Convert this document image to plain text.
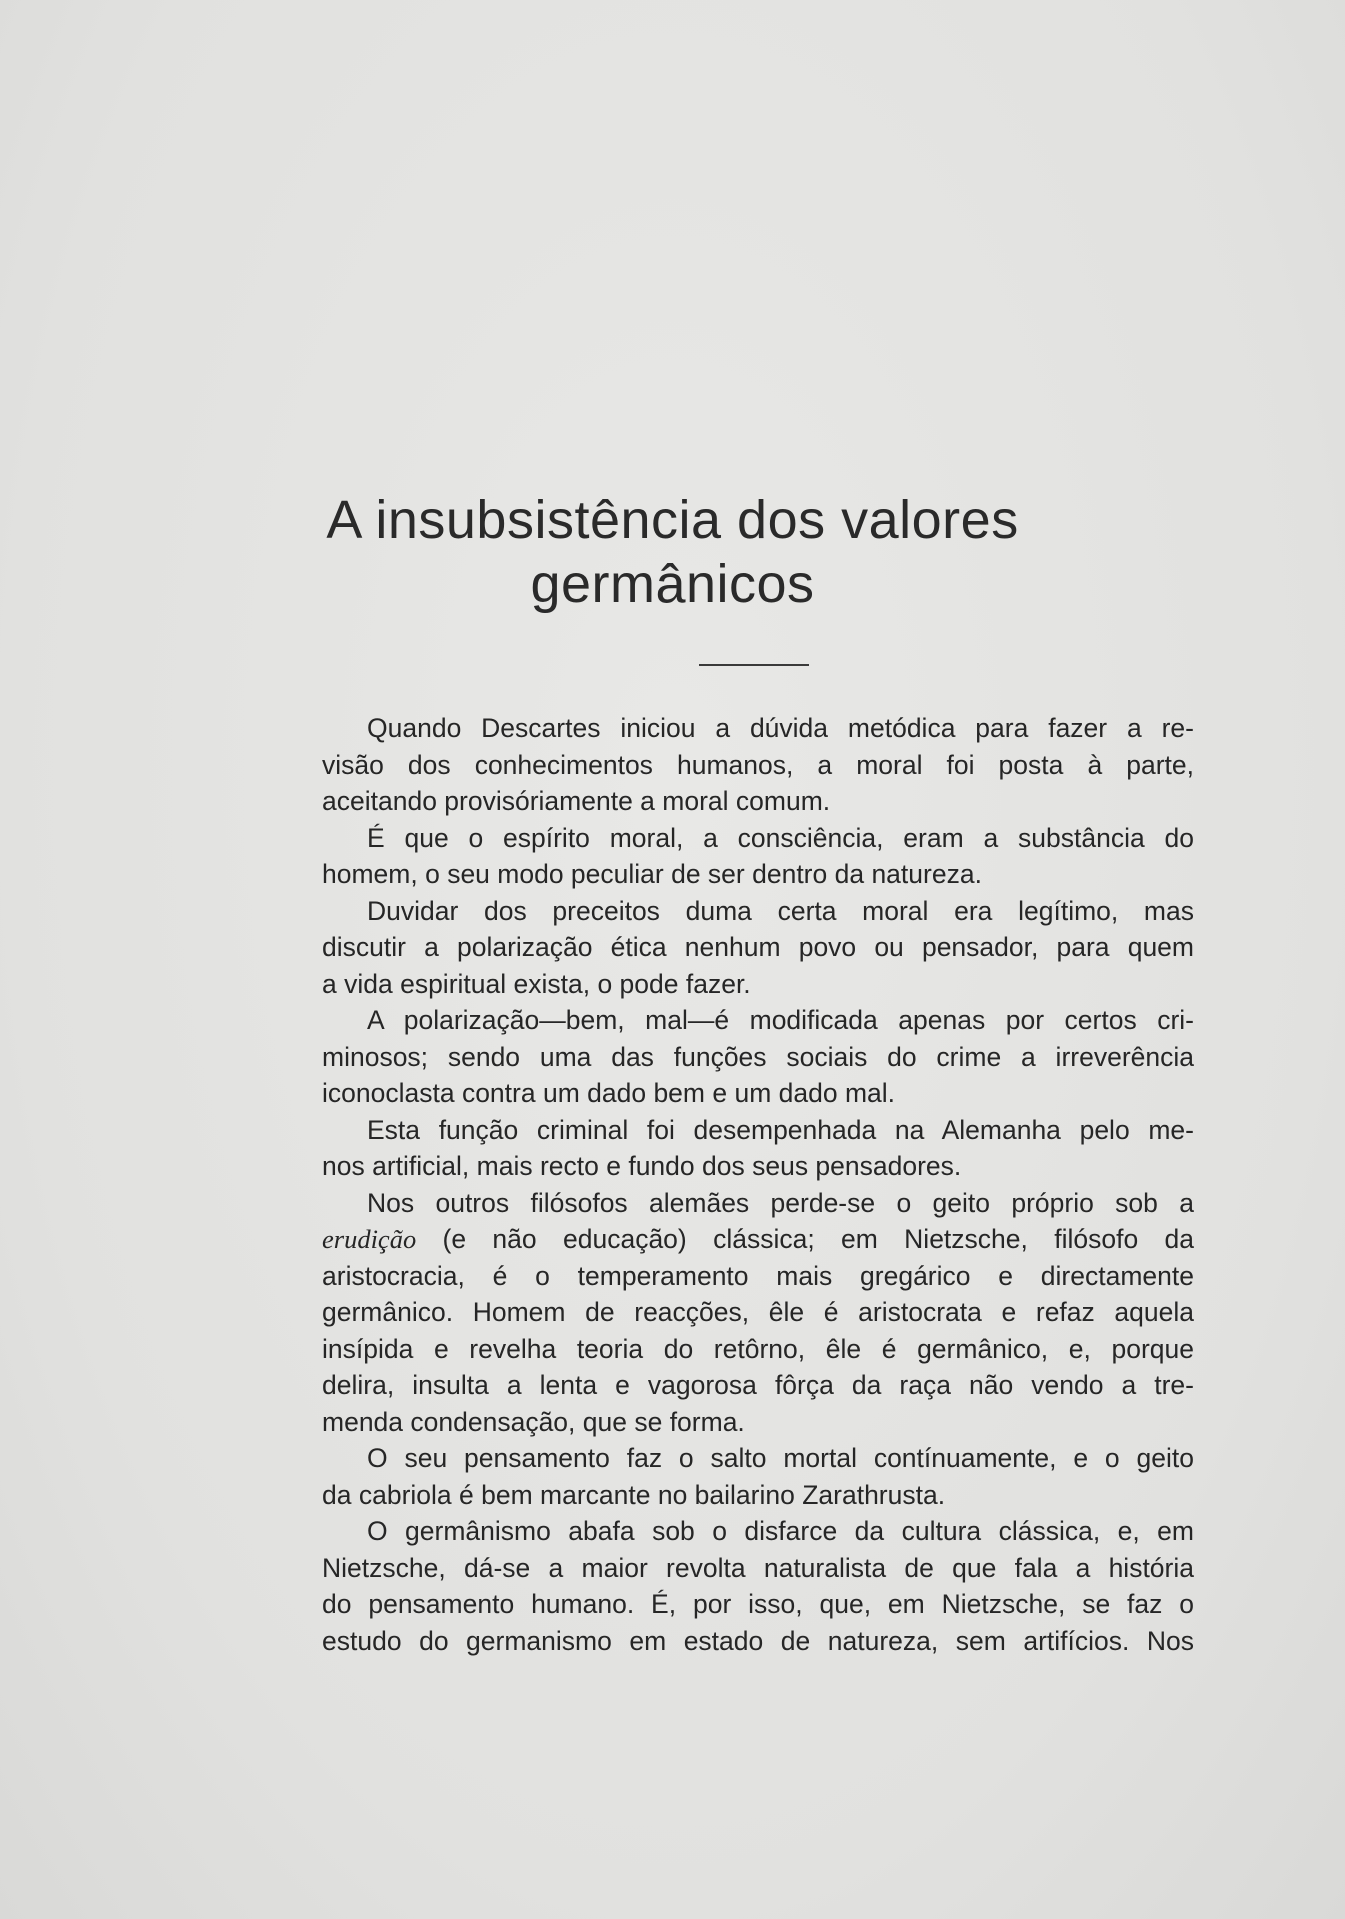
A insubsistência dos valores
germânicos
Quando Descartes iniciou a dúvida metódica para fazer a re-
visão dos conhecimentos humanos, a moral foi posta à parte,
aceitando provisóriamente a moral comum.
É que o espírito moral, a consciência, eram a substância do
homem, o seu modo peculiar de ser dentro da natureza.
Duvidar dos preceitos duma certa moral era legítimo, mas
discutir a polarização ética nenhum povo ou pensador, para quem
a vida espiritual exista, o pode fazer.
A polarização—bem, mal—é modificada apenas por certos cri-
minosos; sendo uma das funções sociais do crime a irreverência
iconoclasta contra um dado bem e um dado mal.
Esta função criminal foi desempenhada na Alemanha pelo me-
nos artificial, mais recto e fundo dos seus pensadores.
Nos outros filósofos alemães perde-se o geito próprio sob a
erudição (e não educação) clássica; em Nietzsche, filósofo da
aristocracia, é o temperamento mais gregárico e directamente
germânico. Homem de reacções, êle é aristocrata e refaz aquela
insípida e revelha teoria do retôrno, êle é germânico, e, porque
delira, insulta a lenta e vagorosa fôrça da raça não vendo a tre-
menda condensação, que se forma.
O seu pensamento faz o salto mortal contínuamente, e o geito
da cabriola é bem marcante no bailarino Zarathrusta.
O germânismo abafa sob o disfarce da cultura clássica, e, em
Nietzsche, dá-se a maior revolta naturalista de que fala a história
do pensamento humano. É, por isso, que, em Nietzsche, se faz o
estudo do germanismo em estado de natureza, sem artifícios. Nos
